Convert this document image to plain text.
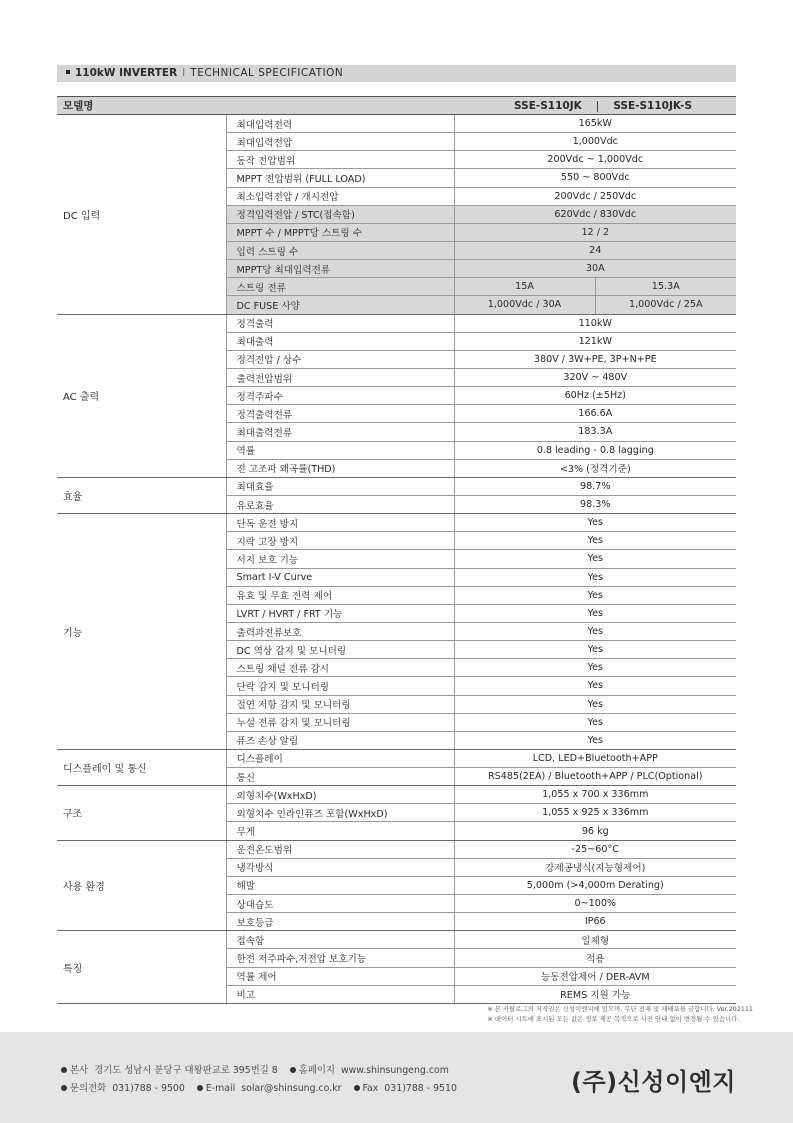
110kW INVERTER I TECHNICAL SPECIFICATION
모델명	SSE-S110JK | SSE-S110JK-S		

DC 입력	최대입력전력	165kW	
	최대입력전압	1,000Vdc	
	동작 전압범위	200Vdc ~ 1,000Vdc	
	MPPT 전압범위 (FULL LOAD)	550 ~ 800Vdc	
	최소입력전압 / 개시전압	200Vdc / 250Vdc	
	정격입력전압 / STC(접속함)	620Vdc / 830Vdc	
	MPPT 수 / MPPT당 스트링 수	12 / 2	
	입력 스트링 수	24	
	MPPT당 최대입력전류	30A	
	스트링 전류	15A	15.3A
	DC FUSE 사양	1,000Vdc / 30A	1,000Vdc / 25A
AC 출력	정격출력	110kW	
	최대출력	121kW	
	정격전압 / 상수	380V / 3W+PE, 3P+N+PE	
	출력전압범위	320V ~ 480V	
	정격주파수	60Hz (±5Hz)	
	정격출력전류	166.6A	
	최대출력전류	183.3A	
	역률	0.8 leading - 0.8 lagging	
	전 고조파 왜곡률(THD)	<3% (정격기준)	
효율	최대효율	98.7%	
	유로효율	98.3%	
기능	단독 운전 방지	Yes	
	지락 고장 방지	Yes	
	서지 보호 기능	Yes	
	Smart I-V Curve	Yes	
	유효 및 무효 전력 제어	Yes	
	LVRT / HVRT / FRT 기능	Yes	
	출력과전류보호	Yes	
	DC 역상 감지 및 모니터링	Yes	
	스트링 채널 전류 감시	Yes	
	단락 감지 및 모니터링	Yes	
	절연 저항 감지 및 모니터링	Yes	
	누설 전류 감지 및 모니터링	Yes	
	퓨즈 손상 알림	Yes	
디스플레이 및 통신	디스플레이	LCD, LED+Bluetooth+APP	
	통신	RS485(2EA) / Bluetooth+APP / PLC(Optional)	
구조	외형치수(WxHxD)	1,055 x 700 x 336mm	
	외형치수 인라인퓨즈 포함(WxHxD)	1,055 x 925 x 336mm	
	무게	96 kg	
사용 환경	운전온도범위	-25~60°C	
	냉각방식	강제공냉식(지능형제어)	
	해발	5,000m (>4,000m Derating)	
	상대습도	0~100%	
	보호등급	IP66	
특징	접속함	일체형	
	한전 저주파수,저전압 보호기능	적용	
	역률 제어	능동전압제어 / DER-AVM	
	비고	REMS 지원 가능	
※ 본 카탈로그의 저작권은 신성이엔지에 있으며, 무단 전재 및 재배포를 금합니다. Ver.202111
※ 데이터 시트에 표시된 모든 값은 정보 제공 목적으로 사전 안내 없이 변경될 수 있습니다.
본사 경기도 성남시 분당구 대왕판교로 395번길 8 홈페이지 www.shinsungeng.com
문의전화 031)788 - 9500 E-mail solar@shinsung.co.kr Fax 031)788 - 9510	(주)신성이엔지
